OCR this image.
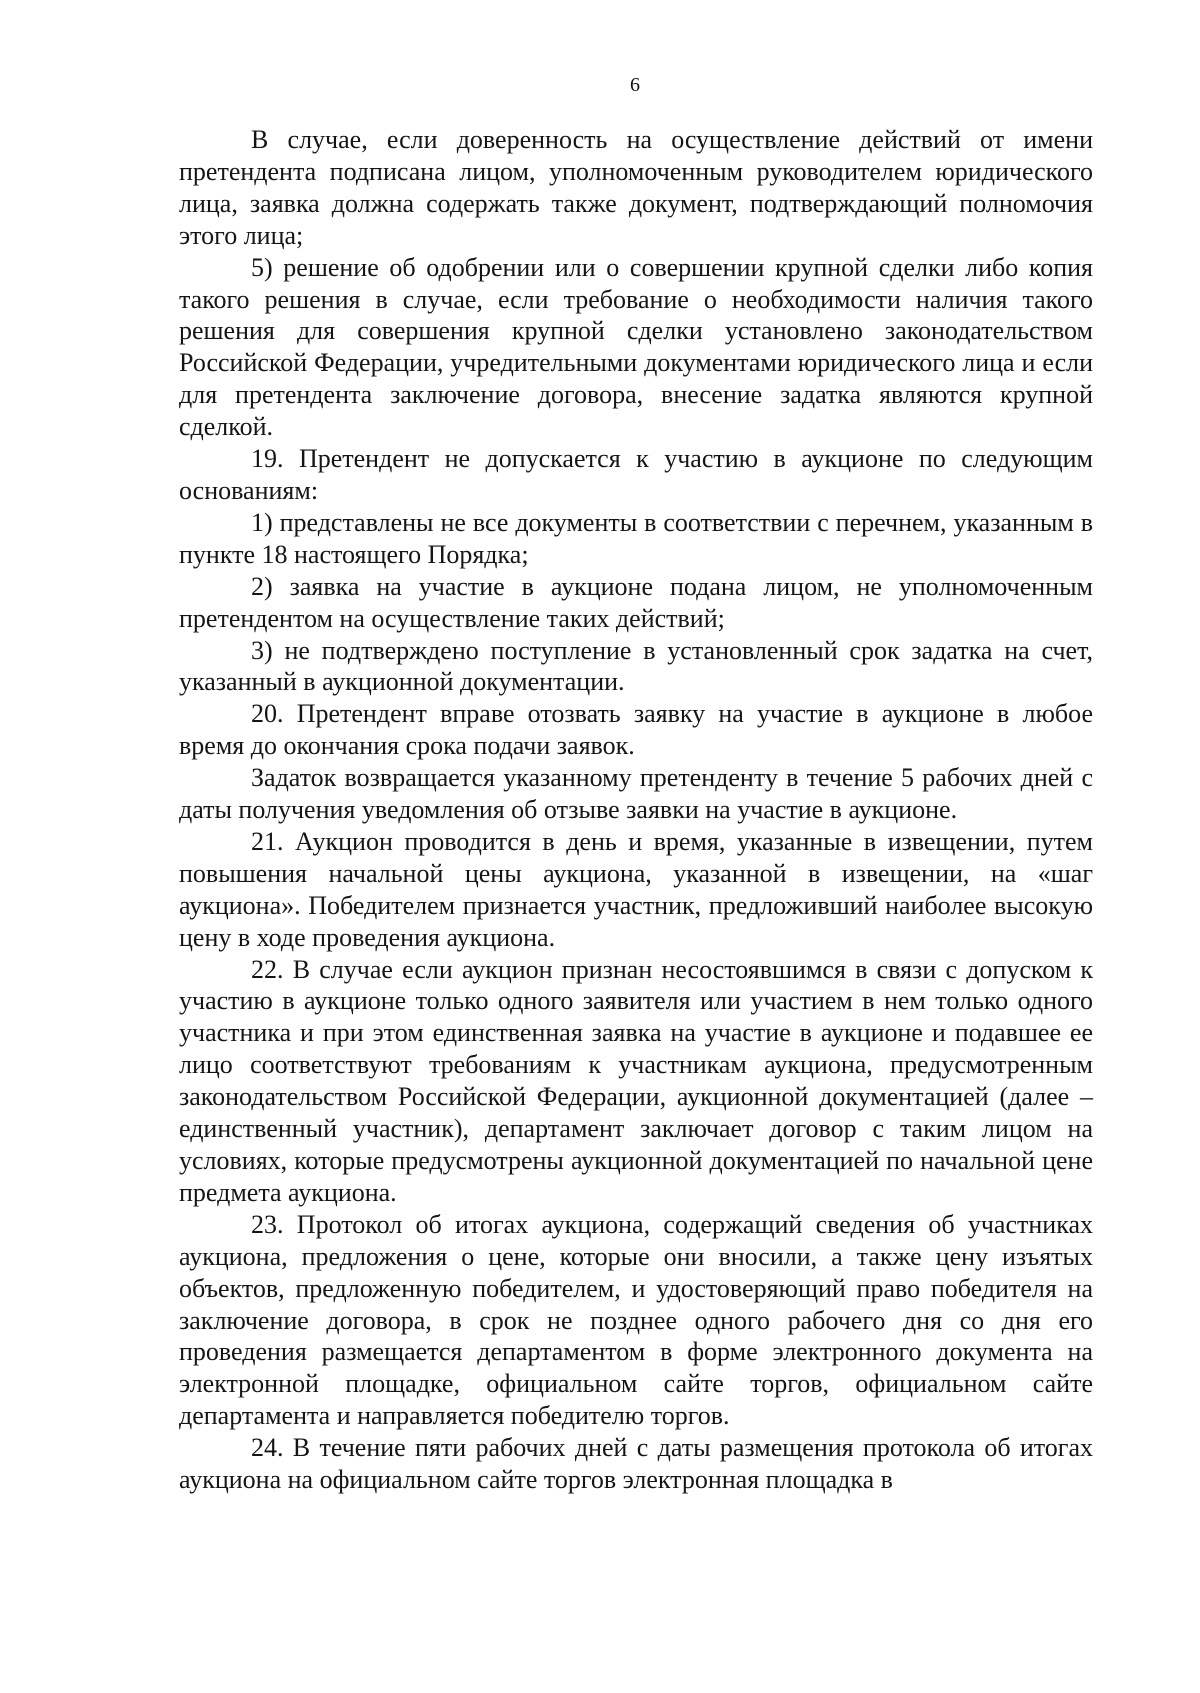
6

В случае, если доверенность на осуществление действий от имени претендента подписана лицом, уполномоченным руководителем юридического лица, заявка должна содержать также документ, подтверждающий полномочия этого лица;

5) решение об одобрении или о совершении крупной сделки либо копия такого решения в случае, если требование о необходимости наличия такого решения для совершения крупной сделки установлено законодательством Российской Федерации, учредительными документами юридического лица и если для претендента заключение договора, внесение задатка являются крупной сделкой.

19. Претендент не допускается к участию в аукционе по следующим основаниям:

1) представлены не все документы в соответствии с перечнем, указанным в пункте 18 настоящего Порядка;

2) заявка на участие в аукционе подана лицом, не уполномоченным претендентом на осуществление таких действий;

3) не подтверждено поступление в установленный срок задатка на счет, указанный в аукционной документации.

20. Претендент вправе отозвать заявку на участие в аукционе в любое время до окончания срока подачи заявок.

Задаток возвращается указанному претенденту в течение 5 рабочих дней с даты получения уведомления об отзыве заявки на участие в аукционе.

21. Аукцион проводится в день и время, указанные в извещении, путем повышения начальной цены аукциона, указанной в извещении, на «шаг аукциона». Победителем признается участник, предложивший наиболее высокую цену в ходе проведения аукциона.

22. В случае если аукцион признан несостоявшимся в связи с допуском к участию в аукционе только одного заявителя или участием в нем только одного участника и при этом единственная заявка на участие в аукционе и подавшее ее лицо соответствуют требованиям к участникам аукциона, предусмотренным законодательством Российской Федерации, аукционной документацией (далее – единственный участник), департамент заключает договор с таким лицом на условиях, которые предусмотрены аукционной документацией по начальной цене предмета аукциона.

23. Протокол об итогах аукциона, содержащий сведения об участниках аукциона, предложения о цене, которые они вносили, а также цену изъятых объектов, предложенную победителем, и удостоверяющий право победителя на заключение договора, в срок не позднее одного рабочего дня со дня его проведения размещается департаментом в форме электронного документа на электронной площадке, официальном сайте торгов, официальном сайте департамента и направляется победителю торгов.

24. В течение пяти рабочих дней с даты размещения протокола об итогах аукциона на официальном сайте торгов электронная площадка в
